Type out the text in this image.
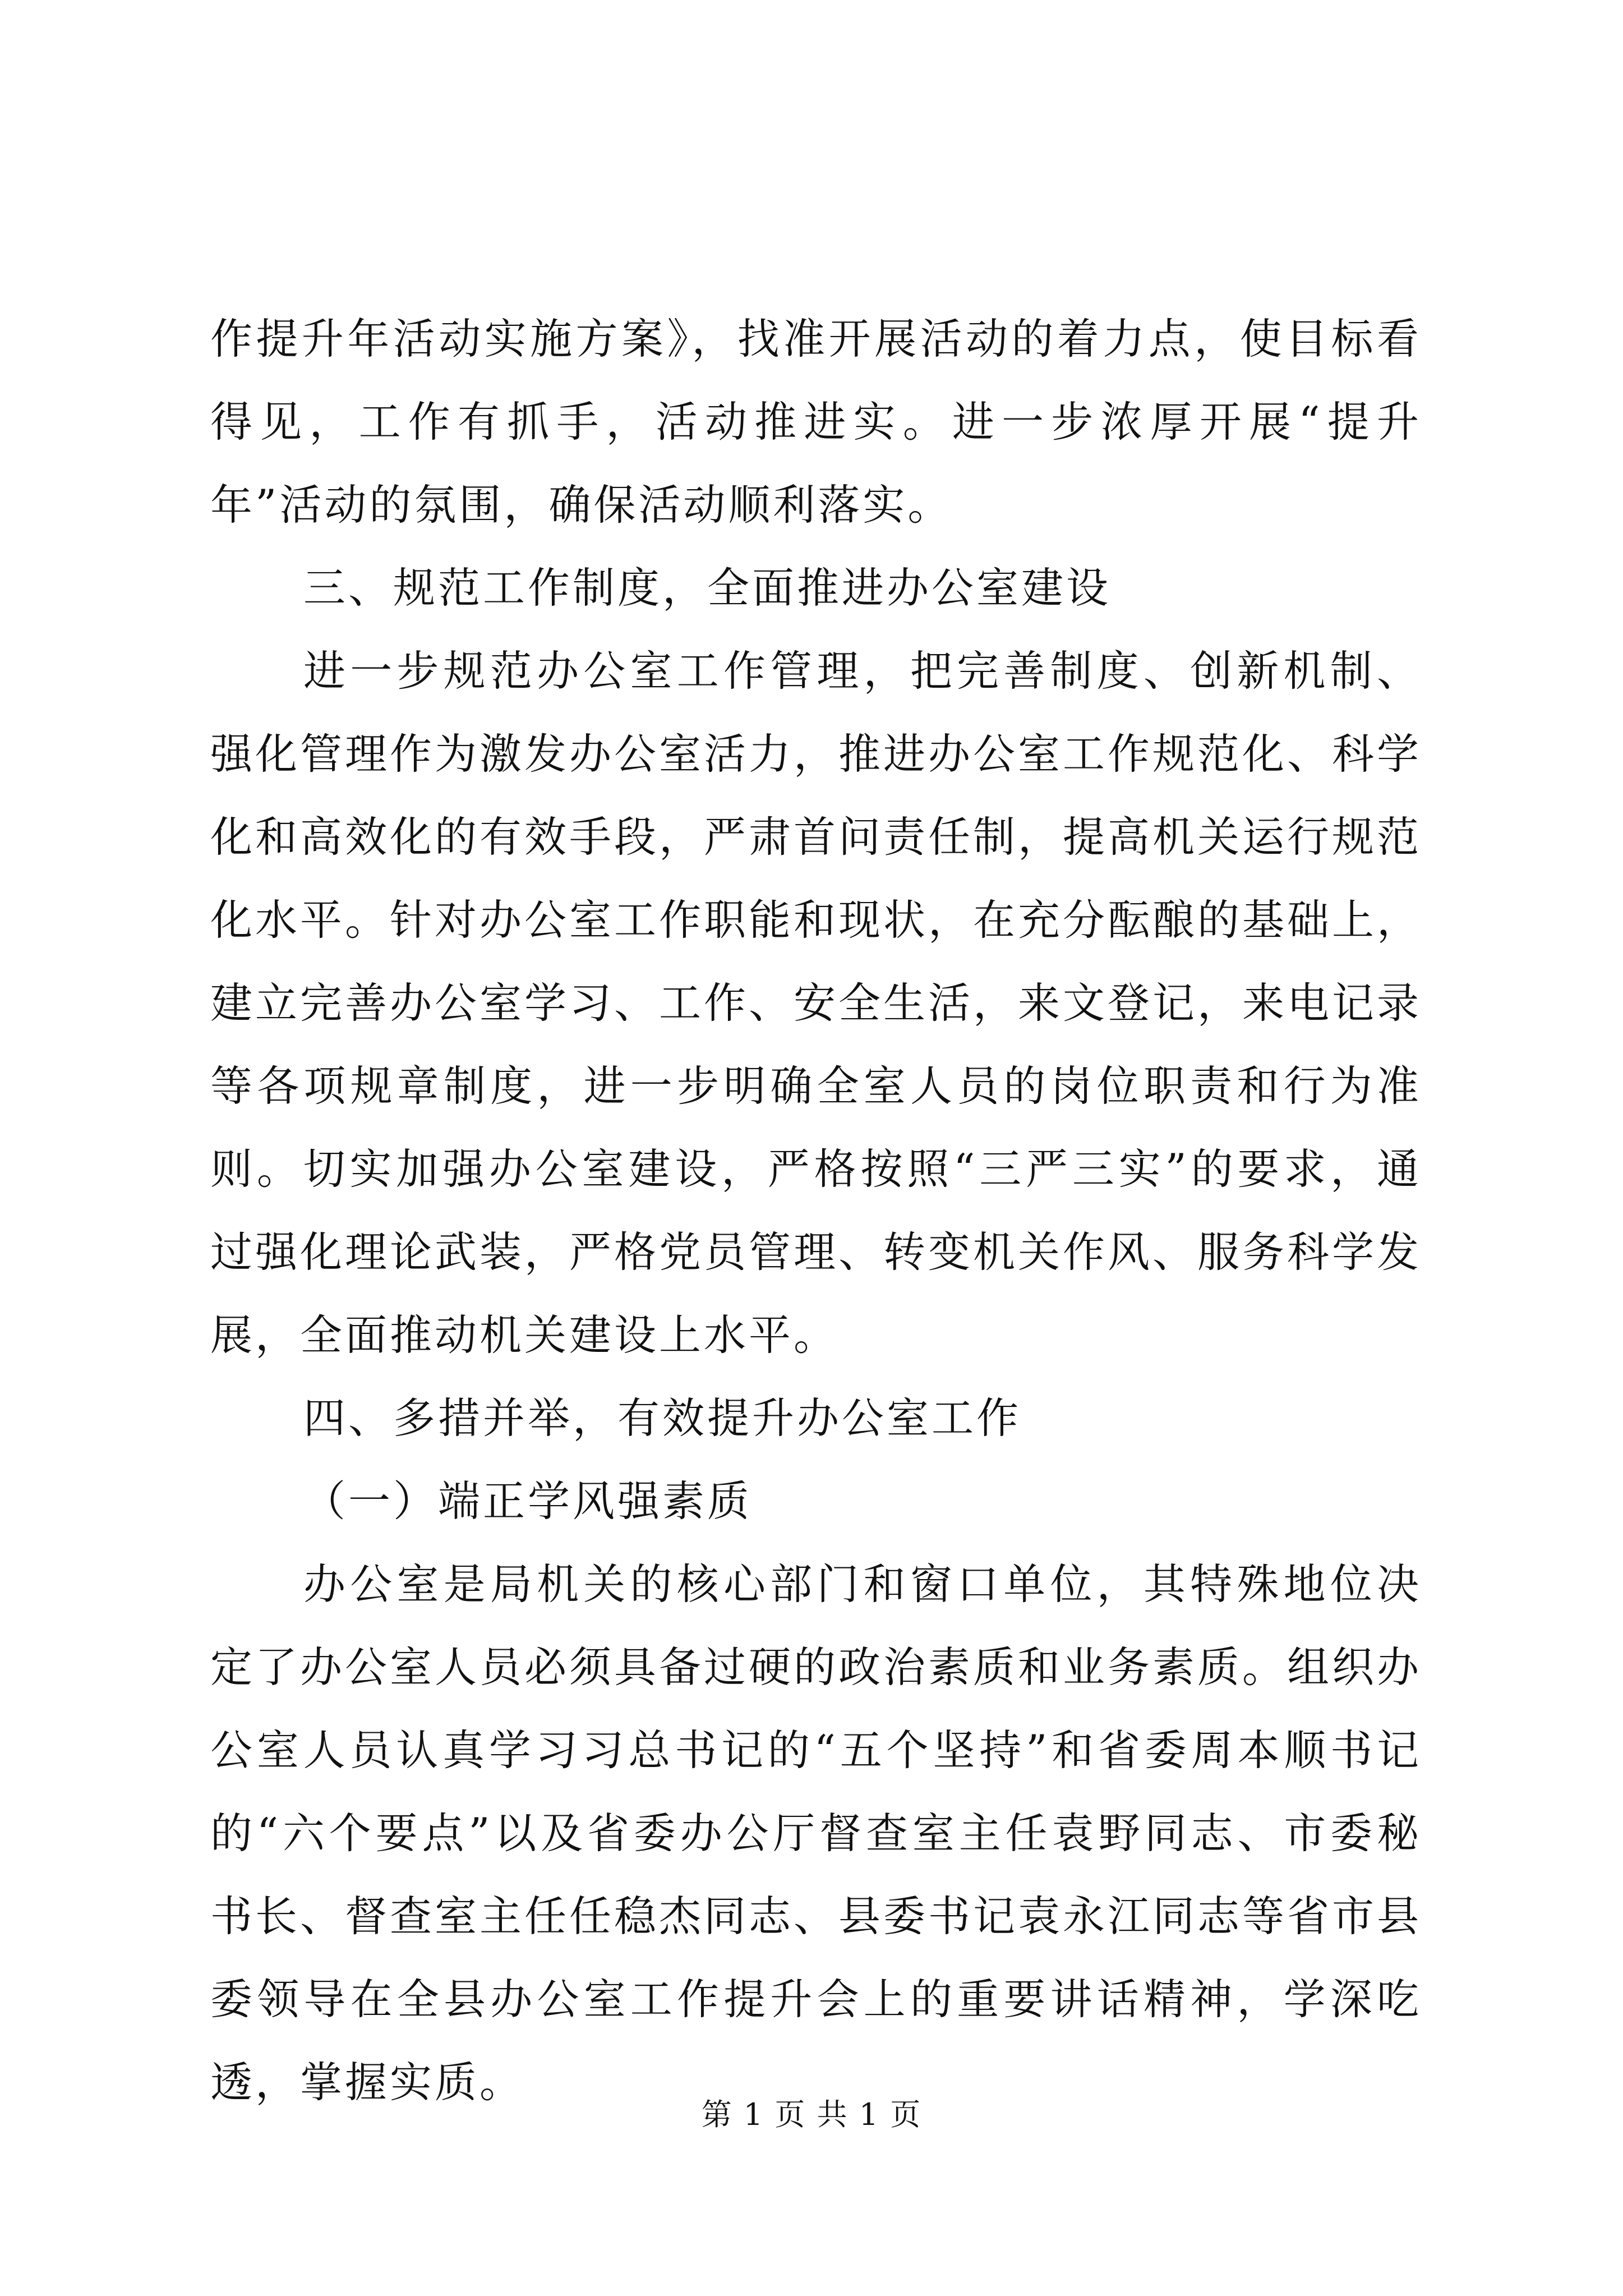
作提升年活动实施方案》，找准开展活动的着力点，使目标看得见，工作有抓手，活动推进实。进一步浓厚开展“提升年”活动的氛围，确保活动顺利落实。

三、规范工作制度，全面推进办公室建设

进一步规范办公室工作管理，把完善制度、创新机制、强化管理作为激发办公室活力，推进办公室工作规范化、科学化和高效化的有效手段，严肃首问责任制，提高机关运行规范化水平。针对办公室工作职能和现状，在充分酝酿的基础上，建立完善办公室学习、工作、安全生活，来文登记，来电记录等各项规章制度，进一步明确全室人员的岗位职责和行为准则。切实加强办公室建设，严格按照“三严三实”的要求，通过强化理论武装，严格党员管理、转变机关作风、服务科学发展，全面推动机关建设上水平。

四、多措并举，有效提升办公室工作

（一）端正学风强素质

办公室是局机关的核心部门和窗口单位，其特殊地位决定了办公室人员必须具备过硬的政治素质和业务素质。组织办公室人员认真学习习总书记的“五个坚持”和省委周本顺书记的“六个要点”以及省委办公厅督查室主任袁野同志、市委秘书长、督查室主任任稳杰同志、县委书记袁永江同志等省市县委领导在全县办公室工作提升会上的重要讲话精神，学深吃透，掌握实质。

第 1 页 共 1 页
